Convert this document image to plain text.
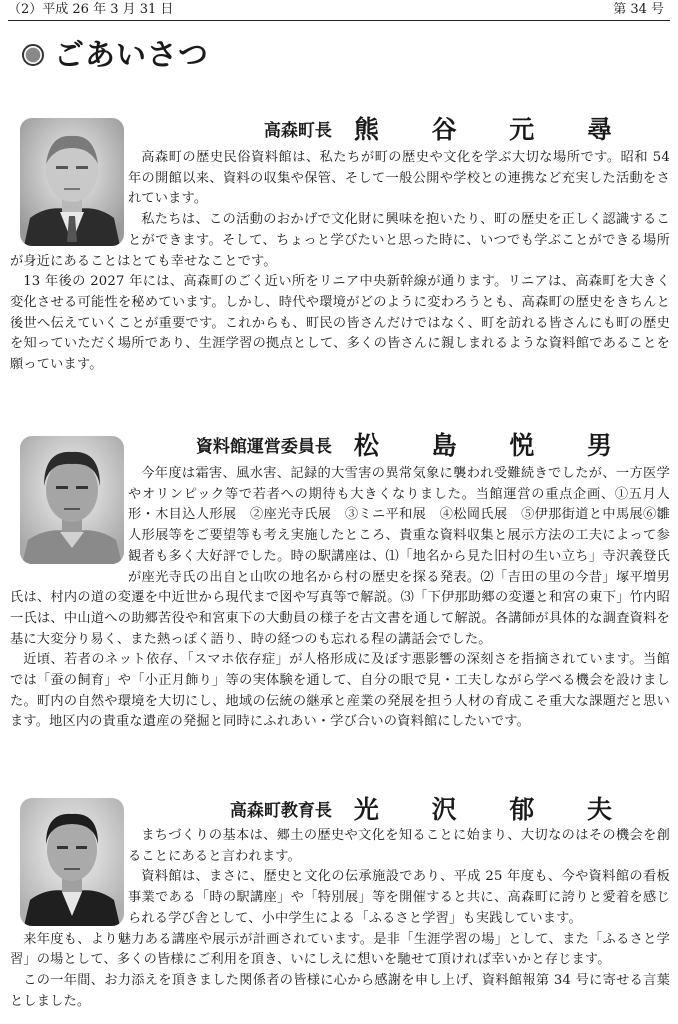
（2）平成 26 年 3 月 31 日	第 34 号
ごあいさつ
高森町長 熊 谷 元 尋

高森町の歴史民俗資料館は、私たちが町の歴史や文化を学ぶ大切な場所です。昭和 54 年の開館以来、資料の収集や保管、そして一般公開や学校との連携など充実した活動をされています。

私たちは、この活動のおかげで文化財に興味を抱いたり、町の歴史を正しく認識することができます。そして、ちょっと学びたいと思った時に、いつでも学ぶことができる場所が身近にあることはとても幸せなことです。

13 年後の 2027 年には、高森町のごく近い所をリニア中央新幹線が通ります。リニアは、高森町を大きく変化させる可能性を秘めています。しかし、時代や環境がどのように変わろうとも、高森町の歴史をきちんと後世へ伝えていくことが重要です。これからも、町民の皆さんだけではなく、町を訪れる皆さんにも町の歴史を知っていただく場所であり、生涯学習の拠点として、多くの皆さんに親しまれるような資料館であることを願っています。

資料館運営委員長 松 島 悦 男

今年度は霜害、風水害、記録的大雪害の異常気象に襲われ受難続きでしたが、一方医学やオリンピック等で若者への期待も大きくなりました。当館運営の重点企画、①五月人形・木目込人形展　②座光寺氏展　③ミニ平和展　④松岡氏展　⑤伊那街道と中馬展⑥雛人形展等をご要望等も考え実施したところ、貴重な資料収集と展示方法の工夫によって参観者も多く大好評でした。時の駅講座は、⑴「地名から見た旧村の生い立ち」寺沢義登氏が座光寺氏の出自と山吹の地名から村の歴史を探る発表。⑵「吉田の里の今昔」塚平増男氏は、村内の道の変遷を中近世から現代まで図や写真等で解説。⑶「下伊那助郷の変遷と和宮の東下」竹内昭一氏は、中山道への助郷苦役や和宮東下の大動員の様子を古文書を通して解説。各講師が具体的な調査資料を基に大変分り易く、また熱っぽく語り、時の経つのも忘れる程の講話会でした。

近頃、若者のネット依存、「スマホ依存症」が人格形成に及ぼす悪影響の深刻さを指摘されています。当館では「蚕の飼育」や「小正月飾り」等の実体験を通して、自分の眼で見・工夫しながら学べる機会を設けました。町内の自然や環境を大切にし、地域の伝統の継承と産業の発展を担う人材の育成こそ重大な課題だと思います。地区内の貴重な遺産の発掘と同時にふれあい・学び合いの資料館にしたいです。

高森町教育長 光 沢 郁 夫

まちづくりの基本は、郷土の歴史や文化を知ることに始まり、大切なのはその機会を創ることにあると言われます。

資料館は、まさに、歴史と文化の伝承施設であり、平成 25 年度も、今や資料館の看板事業である「時の駅講座」や「特別展」等を開催すると共に、高森町に誇りと愛着を感じられる学び舎として、小中学生による「ふるさと学習」も実践しています。

来年度も、より魅力ある講座や展示が計画されています。是非「生涯学習の場」として、また「ふるさと学習」の場として、多くの皆様にご利用を頂き、いにしえに想いを馳せて頂ければ幸いかと存じます。

この一年間、お力添えを頂きました関係者の皆様に心から感謝を申し上げ、資料館報第 34 号に寄せる言葉としました。
